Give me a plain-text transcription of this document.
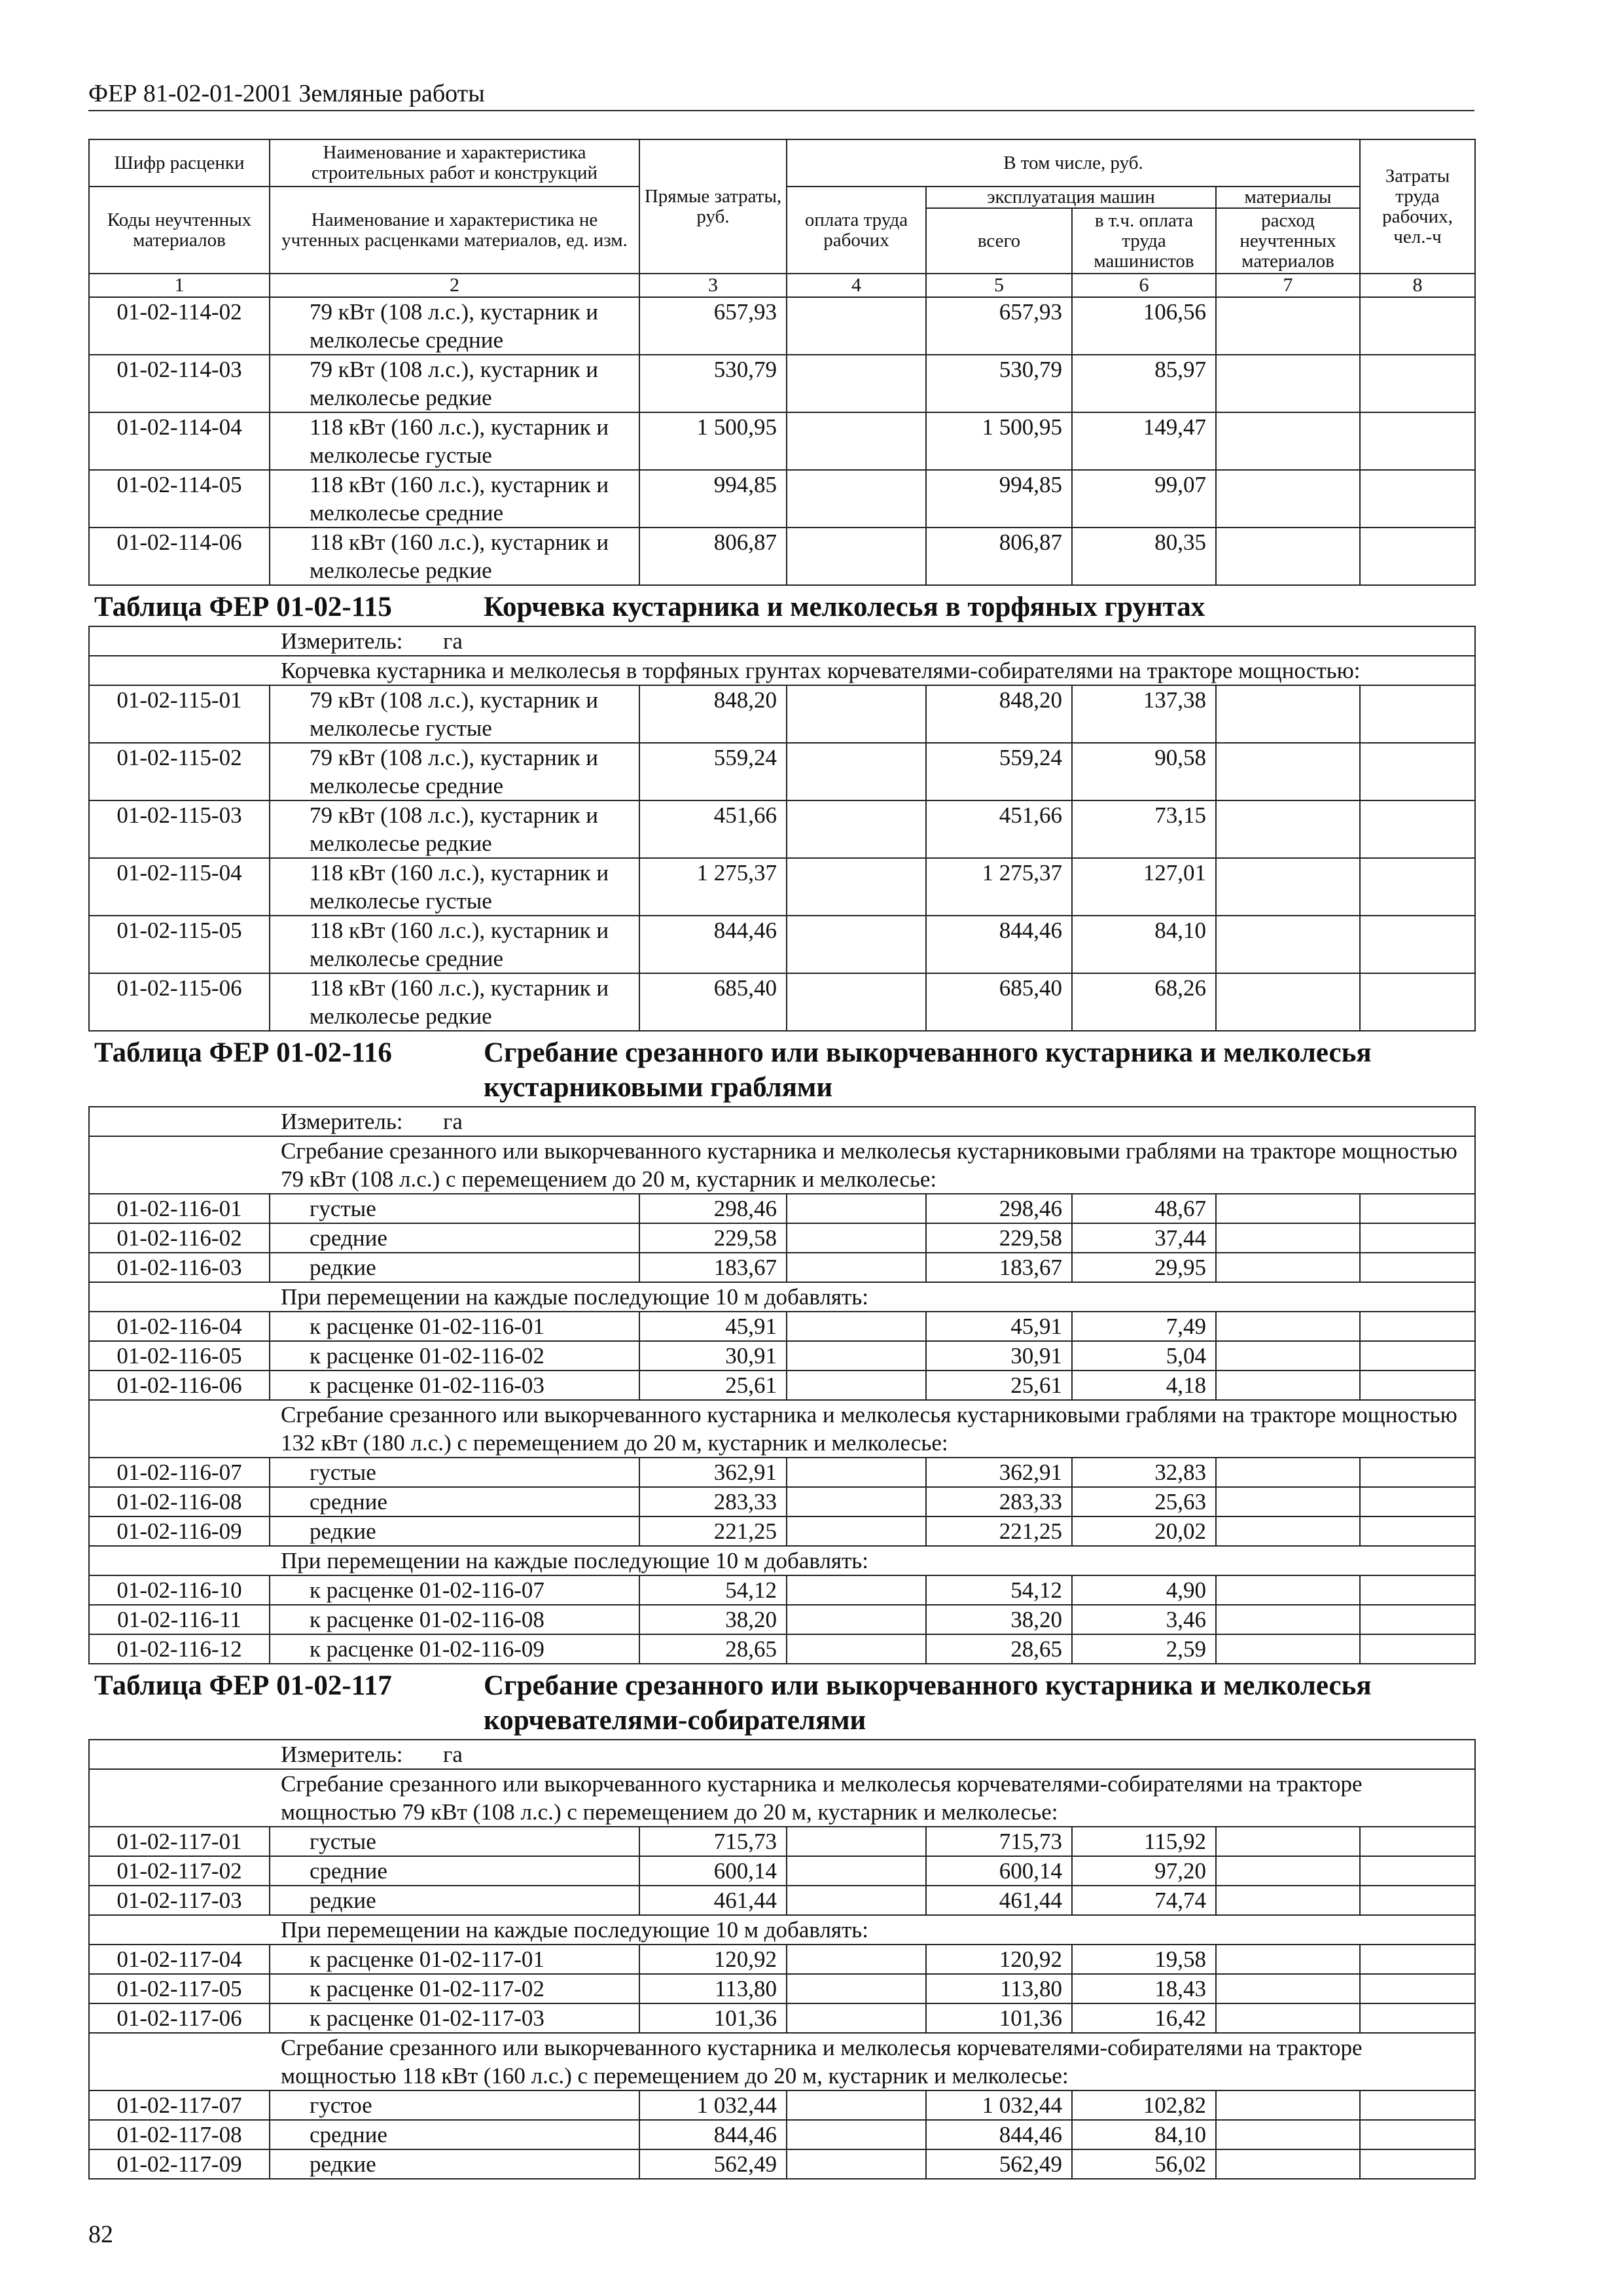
ФЕР 81-02-01-2001 Земляные работы
Шифр расценки	Наименование и характеристика строительных работ и конструкций	Прямые затраты, руб.	В том числе, руб.				Затраты труда рабочих, чел.-ч
Коды неучтенных материалов	Наименование и характеристика не учтенных расценками материалов, ед. изм.		оплата труда рабочих	эксплуатация машин		материалы	
				всего	в т.ч. оплата труда машинистов	расход неучтенных материалов	
1	2	3	4	5	6	7	8
01-02-114-02	79 кВт (108 л.с.), кустарник и мелколесье средние	657,93		657,93	106,56		
01-02-114-03	79 кВт (108 л.с.), кустарник и мелколесье редкие	530,79		530,79	85,97		
01-02-114-04	118 кВт (160 л.с.), кустарник и мелколесье густые	1 500,95		1 500,95	149,47		
01-02-114-05	118 кВт (160 л.с.), кустарник и мелколесье средние	994,85		994,85	99,07		
01-02-114-06	118 кВт (160 л.с.), кустарник и мелколесье редкие	806,87		806,87	80,35		

Таблица ФЕР 01-02-115 Корчевка кустарника и мелколесья в торфяных грунтах							

Измеритель: га							
Корчевка кустарника и мелколесья в торфяных грунтах корчевателями-собирателями на тракторе мощностью:							
01-02-115-01	79 кВт (108 л.с.), кустарник и мелколесье густые	848,20		848,20	137,38		
01-02-115-02	79 кВт (108 л.с.), кустарник и мелколесье средние	559,24		559,24	90,58		
01-02-115-03	79 кВт (108 л.с.), кустарник и мелколесье редкие	451,66		451,66	73,15		
01-02-115-04	118 кВт (160 л.с.), кустарник и мелколесье густые	1 275,37		1 275,37	127,01		
01-02-115-05	118 кВт (160 л.с.), кустарник и мелколесье средние	844,46		844,46	84,10		
01-02-115-06	118 кВт (160 л.с.), кустарник и мелколесье редкие	685,40		685,40	68,26		

Таблица ФЕР 01-02-116 Сгребание срезанного или выкорчеванного кустарника и мелколесья кустарниковыми граблями							

Измеритель: га							
Сгребание срезанного или выкорчеванного кустарника и мелколесья кустарниковыми граблями на тракторе мощностью 79 кВт (108 л.с.) с перемещением до 20 м, кустарник и мелколесье:							
01-02-116-01	густые	298,46		298,46	48,67		
01-02-116-02	средние	229,58		229,58	37,44		
01-02-116-03	редкие	183,67		183,67	29,95		
При перемещении на каждые последующие 10 м добавлять:							
01-02-116-04	к расценке 01-02-116-01	45,91		45,91	7,49		
01-02-116-05	к расценке 01-02-116-02	30,91		30,91	5,04		
01-02-116-06	к расценке 01-02-116-03	25,61		25,61	4,18		
Сгребание срезанного или выкорчеванного кустарника и мелколесья кустарниковыми граблями на тракторе мощностью 132 кВт (180 л.с.) с перемещением до 20 м, кустарник и мелколесье:							
01-02-116-07	густые	362,91		362,91	32,83		
01-02-116-08	средние	283,33		283,33	25,63		
01-02-116-09	редкие	221,25		221,25	20,02		
При перемещении на каждые последующие 10 м добавлять:							
01-02-116-10	к расценке 01-02-116-07	54,12		54,12	4,90		
01-02-116-11	к расценке 01-02-116-08	38,20		38,20	3,46		
01-02-116-12	к расценке 01-02-116-09	28,65		28,65	2,59		

Таблица ФЕР 01-02-117 Сгребание срезанного или выкорчеванного кустарника и мелколесья корчевателями-собирателями							

Измеритель: га							
Сгребание срезанного или выкорчеванного кустарника и мелколесья корчевателями-собирателями на тракторе мощностью 79 кВт (108 л.с.) с перемещением до 20 м, кустарник и мелколесье:							
01-02-117-01	густые	715,73		715,73	115,92		
01-02-117-02	средние	600,14		600,14	97,20		
01-02-117-03	редкие	461,44		461,44	74,74		
При перемещении на каждые последующие 10 м добавлять:							
01-02-117-04	к расценке 01-02-117-01	120,92		120,92	19,58		
01-02-117-05	к расценке 01-02-117-02	113,80		113,80	18,43		
01-02-117-06	к расценке 01-02-117-03	101,36		101,36	16,42		
Сгребание срезанного или выкорчеванного кустарника и мелколесья корчевателями-собирателями на тракторе мощностью 118 кВт (160 л.с.) с перемещением до 20 м, кустарник и мелколесье:							
01-02-117-07	густое	1 032,44		1 032,44	102,82		
01-02-117-08	средние	844,46		844,46	84,10		
01-02-117-09	редкие	562,49		562,49	56,02		
82
